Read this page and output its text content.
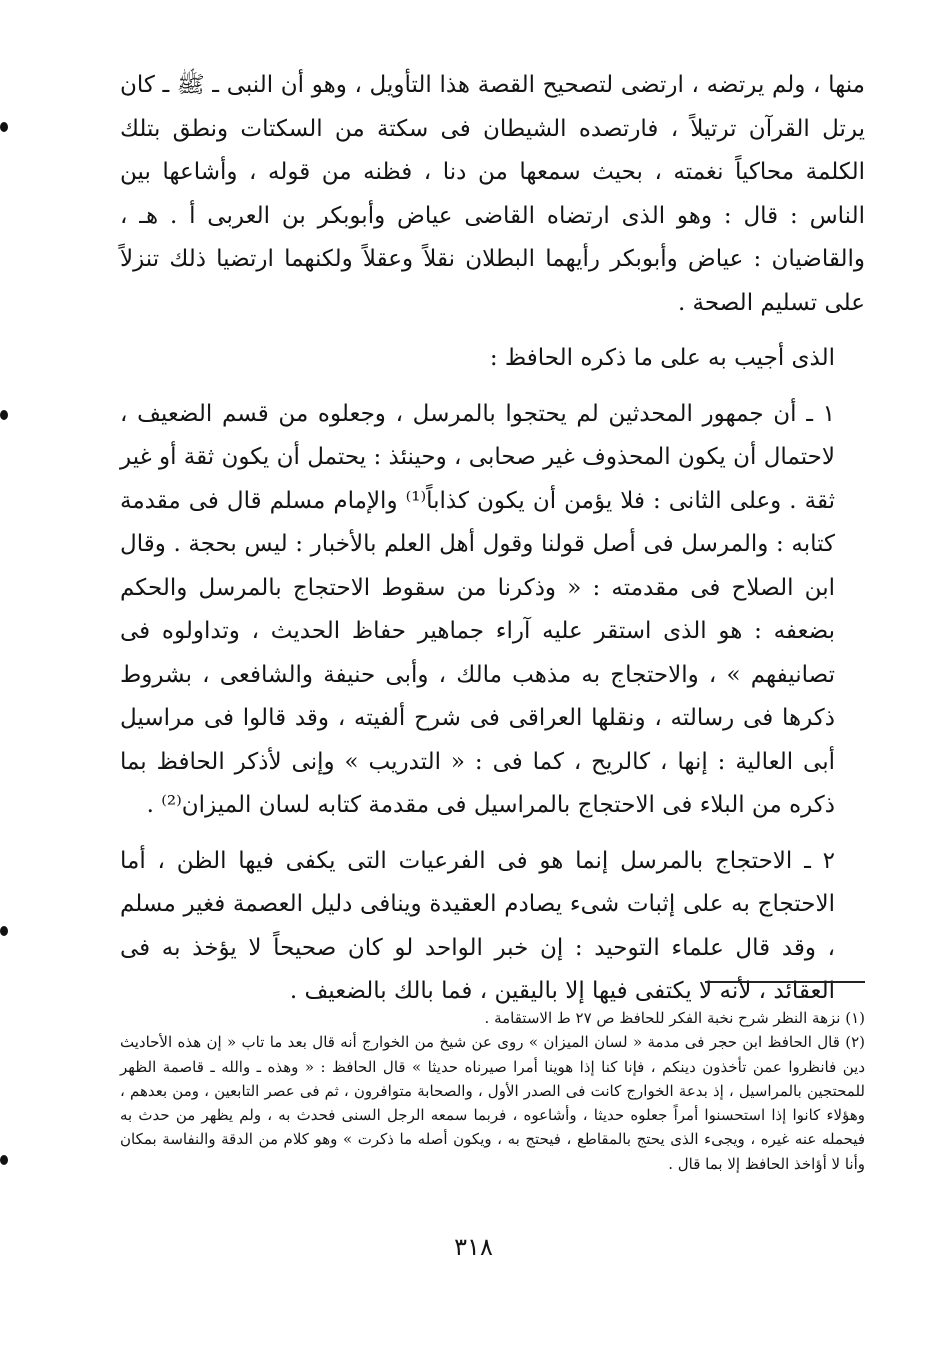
منها ، ولم يرتضه ، ارتضى لتصحيح القصة هذا التأويل ، وهو أن النبى ـ ﷺ ـ كان يرتل القرآن ترتيلاً ، فارتصده الشيطان فى سكتة من السكتات ونطق بتلك الكلمة محاكياً نغمته ، بحيث سمعها من دنا ، فظنه من قوله ، وأشاعها بين الناس : قال : وهو الذى ارتضاه القاضى عياض وأبوبكر بن العربى أ . هـ ، والقاضيان : عياض وأبوبكر رأيهما البطلان نقلاً وعقلاً ولكنهما ارتضيا ذلك تنزلاً على تسليم الصحة .

الذى أجيب به على ما ذكره الحافظ :

١ ـ أن جمهور المحدثين لم يحتجوا بالمرسل ، وجعلوه من قسم الضعيف ، لاحتمال أن يكون المحذوف غير صحابى ، وحينئذ : يحتمل أن يكون ثقة أو غير ثقة . وعلى الثانى : فلا يؤمن أن يكون كذاباً⁽¹⁾ والإمام مسلم قال فى مقدمة كتابه : والمرسل فى أصل قولنا وقول أهل العلم بالأخبار : ليس بحجة . وقال ابن الصلاح فى مقدمته : « وذكرنا من سقوط الاحتجاج بالمرسل والحكم بضعفه : هو الذى استقر عليه آراء جماهير حفاظ الحديث ، وتداولوه فى تصانيفهم » ، والاحتجاج به مذهب مالك ، وأبى حنيفة والشافعى ، بشروط ذكرها فى رسالته ، ونقلها العراقى فى شرح ألفيته ، وقد قالوا فى مراسيل أبى العالية : إنها ، كالريح ، كما فى : « التدريب » وإنى لأذكر الحافظ بما ذكره من البلاء فى الاحتجاج بالمراسيل فى مقدمة كتابه لسان الميزان⁽²⁾ .

٢ ـ الاحتجاج بالمرسل إنما هو فى الفرعيات التى يكفى فيها الظن ، أما الاحتجاج به على إثبات شىء يصادم العقيدة وينافى دليل العصمة فغير مسلم ، وقد قال علماء التوحيد : إن خبر الواحد لو كان صحيحاً لا يؤخذ به فى العقائد ، لأنه لا يكتفى فيها إلا باليقين ، فما بالك بالضعيف .

(١) نزهة النظر شرح نخبة الفكر للحافظ ص ٢٧ ط الاستقامة .

(٢) قال الحافظ ابن حجر فى مدمة « لسان الميزان » روى عن شيخ من الخوارج أنه قال بعد ما تاب « إن هذه الأحاديث دين فانظروا عمن تأخذون دينكم ، فإنا كنا إذا هوينا أمرا صيرناه حديثا » قال الحافظ : « وهذه ـ والله ـ قاصمة الظهر للمحتجين بالمراسيل ، إذ بدعة الخوارج كانت فى الصدر الأول ، والصحابة متوافرون ، ثم فى عصر التابعين ، ومن بعدهم ، وهؤلاء كانوا إذا استحسنوا أمراً جعلوه حديثا ، وأشاعوه ، فربما سمعه الرجل السنى فحدث به ، ولم يظهر من حدث به فيحمله عنه غيره ، ويجىء الذى يحتج بالمقاطع ، فيحتج به ، ويكون أصله ما ذكرت » وهو كلام من الدقة والنفاسة بمكان وأنا لا أؤاخذ الحافظ إلا بما قال .

٣١٨
